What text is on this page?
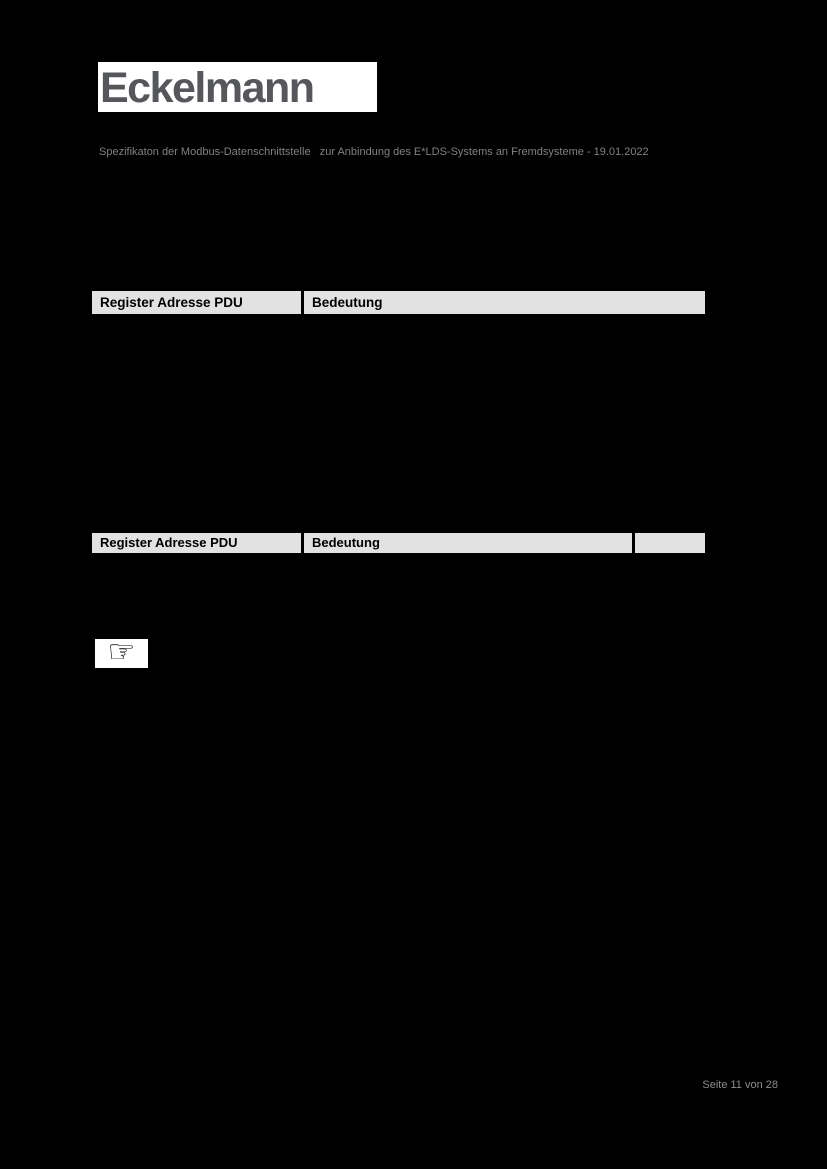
Eckelmann
Spezifikaton der Modbus-Datenschnittstelle   zur Anbindung des E*LDS-Systems an Fremdsysteme - 19.01.2022
Register Adresse PDU	Bedeutung
Register Adresse PDU	Bedeutung
☞
Seite 11 von 28
